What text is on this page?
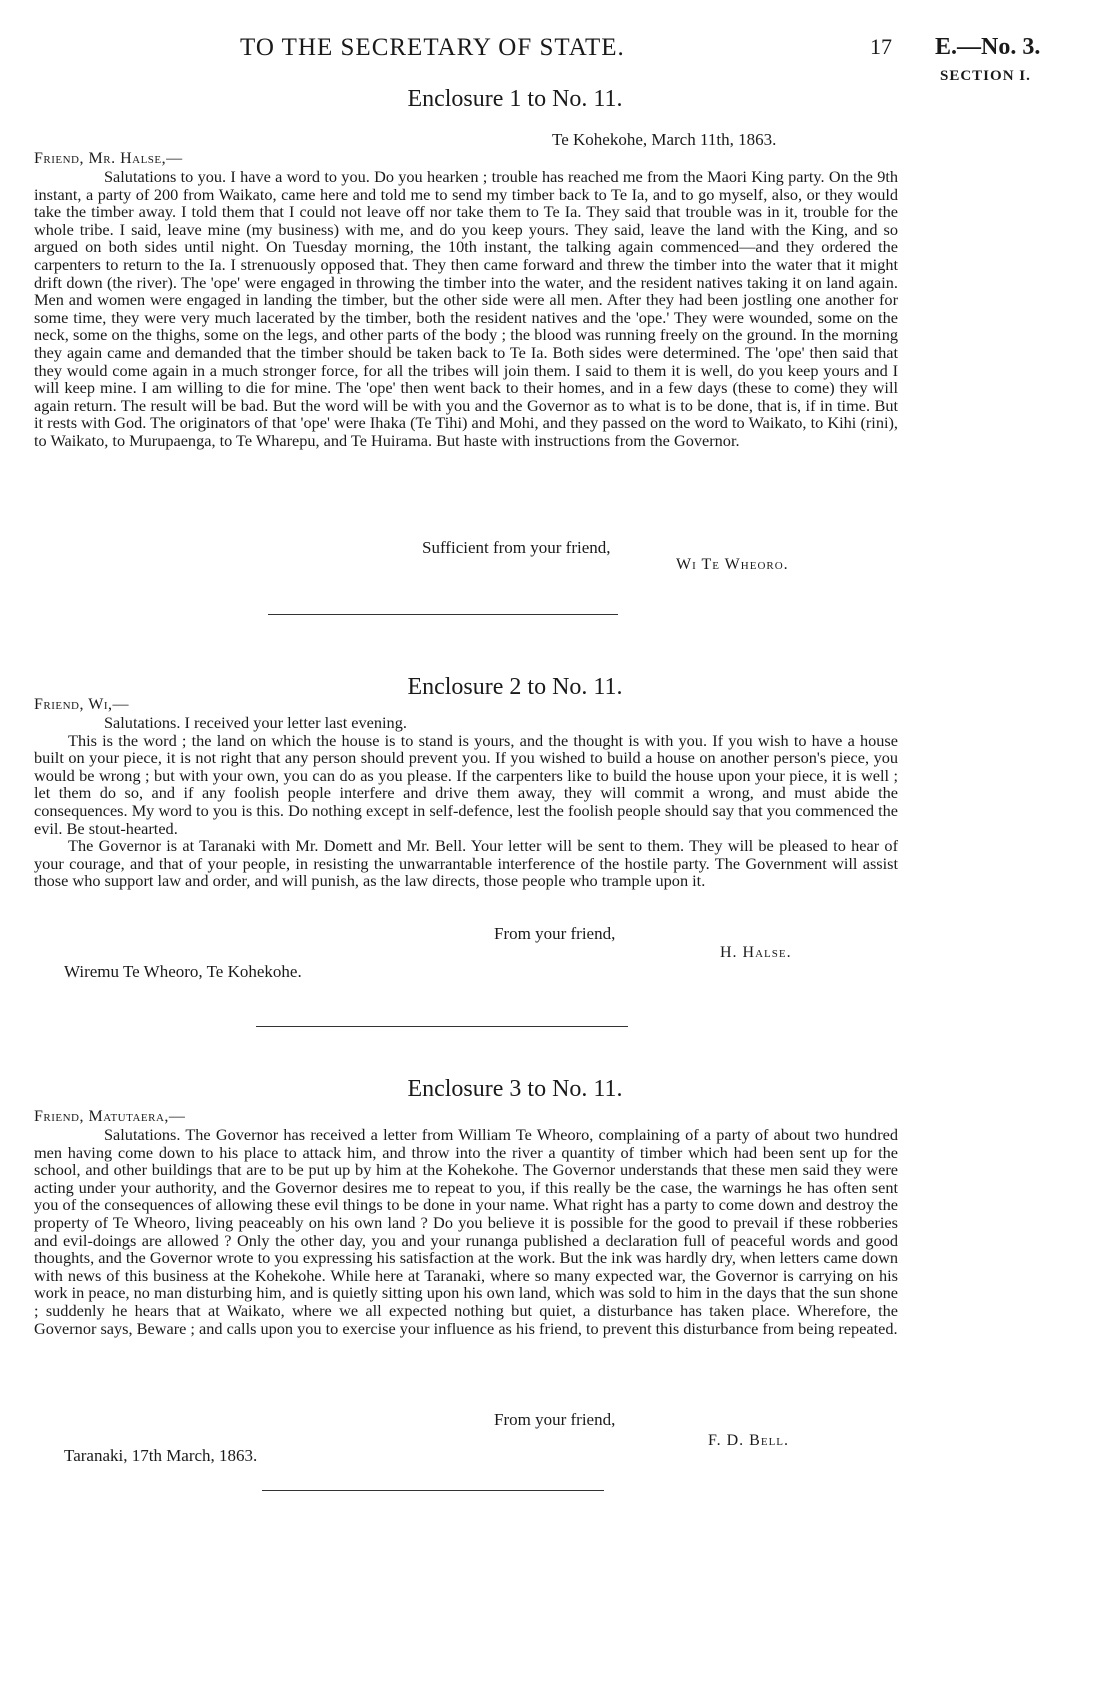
TO THE SECRETARY OF STATE.	17 E.—No. 3.
SECTION I.
Enclosure 1 to No. 11.
Te Kohekohe, March 11th, 1863.
Friend, Mr. Halse,—

Salutations to you. I have a word to you. Do you hearken ; trouble has reached me from the Maori King party. On the 9th instant, a party of 200 from Waikato, came here and told me to send my timber back to Te Ia, and to go myself, also, or they would take the timber away. I told them that I could not leave off nor take them to Te Ia. They said that trouble was in it, trouble for the whole tribe. I said, leave mine (my business) with me, and do you keep yours. They said, leave the land with the King, and so argued on both sides until night. On Tuesday morning, the 10th instant, the talking again commenced—and they ordered the carpenters to return to the Ia. I strenuously opposed that. They then came forward and threw the timber into the water that it might drift down (the river). The 'ope' were engaged in throwing the timber into the water, and the resident natives taking it on land again. Men and women were engaged in landing the timber, but the other side were all men. After they had been jostling one another for some time, they were very much lacerated by the timber, both the resident natives and the 'ope.' They were wounded, some on the neck, some on the thighs, some on the legs, and other parts of the body ; the blood was running freely on the ground. In the morning they again came and demanded that the timber should be taken back to Te Ia. Both sides were determined. The 'ope' then said that they would come again in a much stronger force, for all the tribes will join them. I said to them it is well, do you keep yours and I will keep mine. I am willing to die for mine. The 'ope' then went back to their homes, and in a few days (these to come) they will again return. The result will be bad. But the word will be with you and the Governor as to what is to be done, that is, if in time. But it rests with God. The originators of that 'ope' were Ihaka (Te Tihi) and Mohi, and they passed on the word to Waikato, to Kihi (rini), to Waikato, to Murupaenga, to Te Wharepu, and Te Huirama. But haste with instructions from the Governor.

Sufficient from your friend,
Wi Te Wheoro.
Enclosure 2 to No. 11.
Friend, Wi,—

Salutations. I received your letter last evening.

This is the word ; the land on which the house is to stand is yours, and the thought is with you. If you wish to have a house built on your piece, it is not right that any person should prevent you. If you wished to build a house on another person's piece, you would be wrong ; but with your own, you can do as you please. If the carpenters like to build the house upon your piece, it is well ; let them do so, and if any foolish people interfere and drive them away, they will commit a wrong, and must abide the consequences. My word to you is this. Do nothing except in self-defence, lest the foolish people should say that you commenced the evil. Be stout-hearted.

The Governor is at Taranaki with Mr. Domett and Mr. Bell. Your letter will be sent to them. They will be pleased to hear of your courage, and that of your people, in resisting the unwarrantable interference of the hostile party. The Government will assist those who support law and order, and will punish, as the law directs, those people who trample upon it.

From your friend,
H. Halse.
Wiremu Te Wheoro, Te Kohekohe.
Enclosure 3 to No. 11.
Friend, Matutaera,—

Salutations. The Governor has received a letter from William Te Wheoro, complaining of a party of about two hundred men having come down to his place to attack him, and throw into the river a quantity of timber which had been sent up for the school, and other buildings that are to be put up by him at the Kohekohe. The Governor understands that these men said they were acting under your authority, and the Governor desires me to repeat to you, if this really be the case, the warnings he has often sent you of the consequences of allowing these evil things to be done in your name. What right has a party to come down and destroy the property of Te Wheoro, living peaceably on his own land ? Do you believe it is possible for the good to prevail if these robberies and evil-doings are allowed ? Only the other day, you and your runanga published a declaration full of peaceful words and good thoughts, and the Governor wrote to you expressing his satisfaction at the work. But the ink was hardly dry, when letters came down with news of this business at the Kohekohe. While here at Taranaki, where so many expected war, the Governor is carrying on his work in peace, no man disturbing him, and is quietly sitting upon his own land, which was sold to him in the days that the sun shone ; suddenly he hears that at Waikato, where we all expected nothing but quiet, a disturbance has taken place. Wherefore, the Governor says, Beware ; and calls upon you to exercise your influence as his friend, to prevent this disturbance from being repeated.

From your friend,
F. D. Bell.
Taranaki, 17th March, 1863.
